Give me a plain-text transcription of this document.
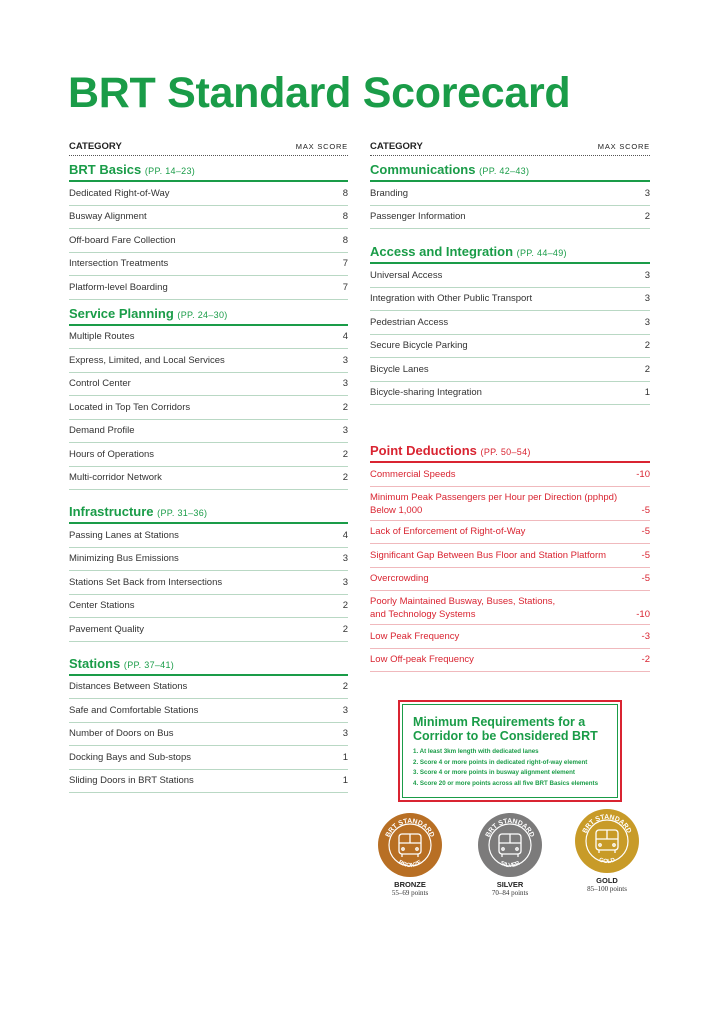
BRT Standard Scorecard
CATEGORY	MAX SCORE
BRT Basics (PP. 14–23)
Dedicated Right-of-Way	8
Busway Alignment	8
Off-board Fare Collection	8
Intersection Treatments	7
Platform-level Boarding	7
Service Planning (PP. 24–30)
Multiple Routes	4
Express, Limited, and Local Services	3
Control Center	3
Located in Top Ten Corridors	2
Demand Profile	3
Hours of Operations	2
Multi-corridor Network	2
Infrastructure (PP. 31–36)
Passing Lanes at Stations	4
Minimizing Bus Emissions	3
Stations Set Back from Intersections	3
Center Stations	2
Pavement Quality	2
Stations (PP. 37–41)
Distances Between Stations	2
Safe and Comfortable Stations	3
Number of Doors on Bus	3
Docking Bays and Sub-stops	1
Sliding Doors in BRT Stations	1
CATEGORY	MAX SCORE
Communications (PP. 42–43)
Branding	3
Passenger Information	2
Access and Integration (PP. 44–49)
Universal Access	3
Integration with Other Public Transport	3
Pedestrian Access	3
Secure Bicycle Parking	2
Bicycle Lanes	2
Bicycle-sharing Integration	1
Point Deductions (PP. 50–54)
Commercial Speeds	-10
Minimum Peak Passengers per Hour per Direction (pphpd)
Below 1,000	-5
Lack of Enforcement of Right-of-Way	-5
Significant Gap Between Bus Floor and Station Platform	-5
Overcrowding	-5
Poorly Maintained Busway, Buses, Stations,
and Technology Systems	-10
Low Peak Frequency	-3
Low Off-peak Frequency	-2
Minimum Requirements for a Corridor to be Considered BRT
1. At least 3km length with dedicated lanes
2. Score 4 or more points in dedicated right-of-way element
3. Score 4 or more points in busway alignment element
4. Score 20 or more points across all five BRT Basics elements
BRT STANDARD
BRONZE
BRONZE
55–69 points
BRT STANDARD
SILVER
SILVER
70–84 points
BRT STANDARD
GOLD
GOLD
85–100 points
